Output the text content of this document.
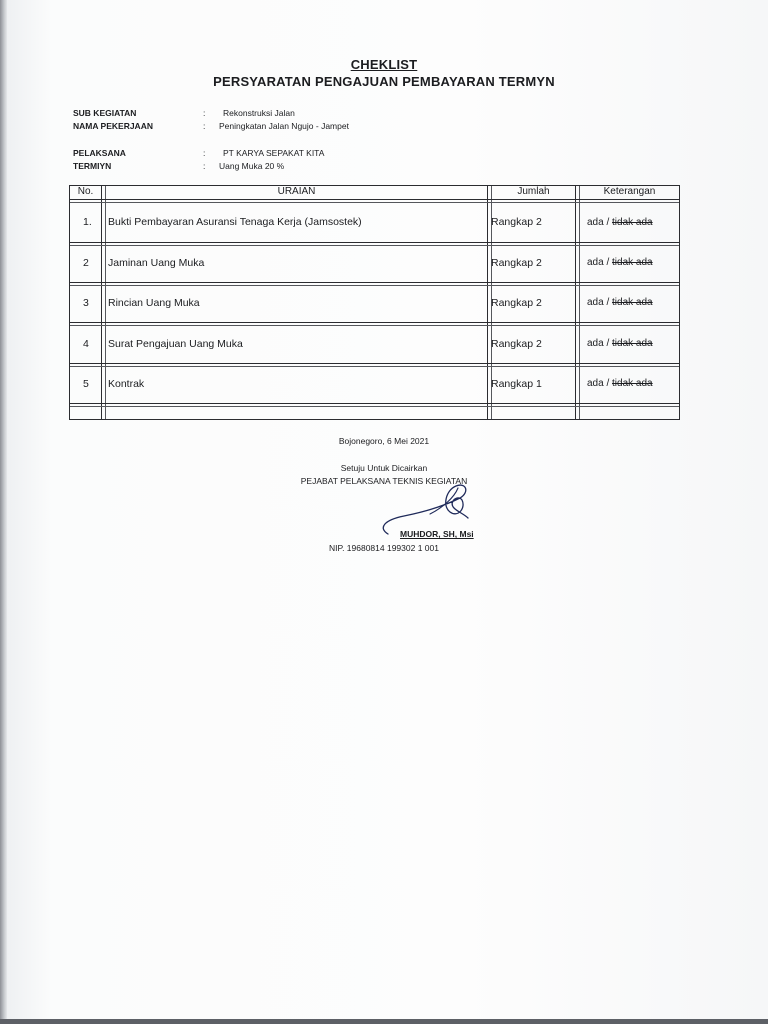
CHEKLIST
PERSYARATAN PENGAJUAN PEMBAYARAN TERMYN
SUB KEGIATAN	: Rekonstruksi Jalan
NAMA PEKERJAAN	: Peningkatan Jalan Ngujo - Jampet
PELAKSANA	: PT KARYA SEPAKAT KITA
TERMIYN	: Uang Muka 20 %
No.	URAIAN	Jumlah	Keterangan
1. Bukti Pembayaran Asuransi Tenaga Kerja (Jamsostek)	Rangkap 2	ada / tidak ada
2 Jaminan Uang Muka	Rangkap 2	ada / tidak ada
3 Rincian Uang Muka	Rangkap 2	ada / tidak ada
4 Surat Pengajuan Uang Muka	Rangkap 2	ada / tidak ada
5 Kontrak	Rangkap 1	ada / tidak ada
Bojonegoro, 6 Mei 2021
Setuju Untuk Dicairkan
PEJABAT PELAKSANA TEKNIS KEGIATAN
MUHDOR, SH, Msi
NIP. 19680814 199302 1 001
